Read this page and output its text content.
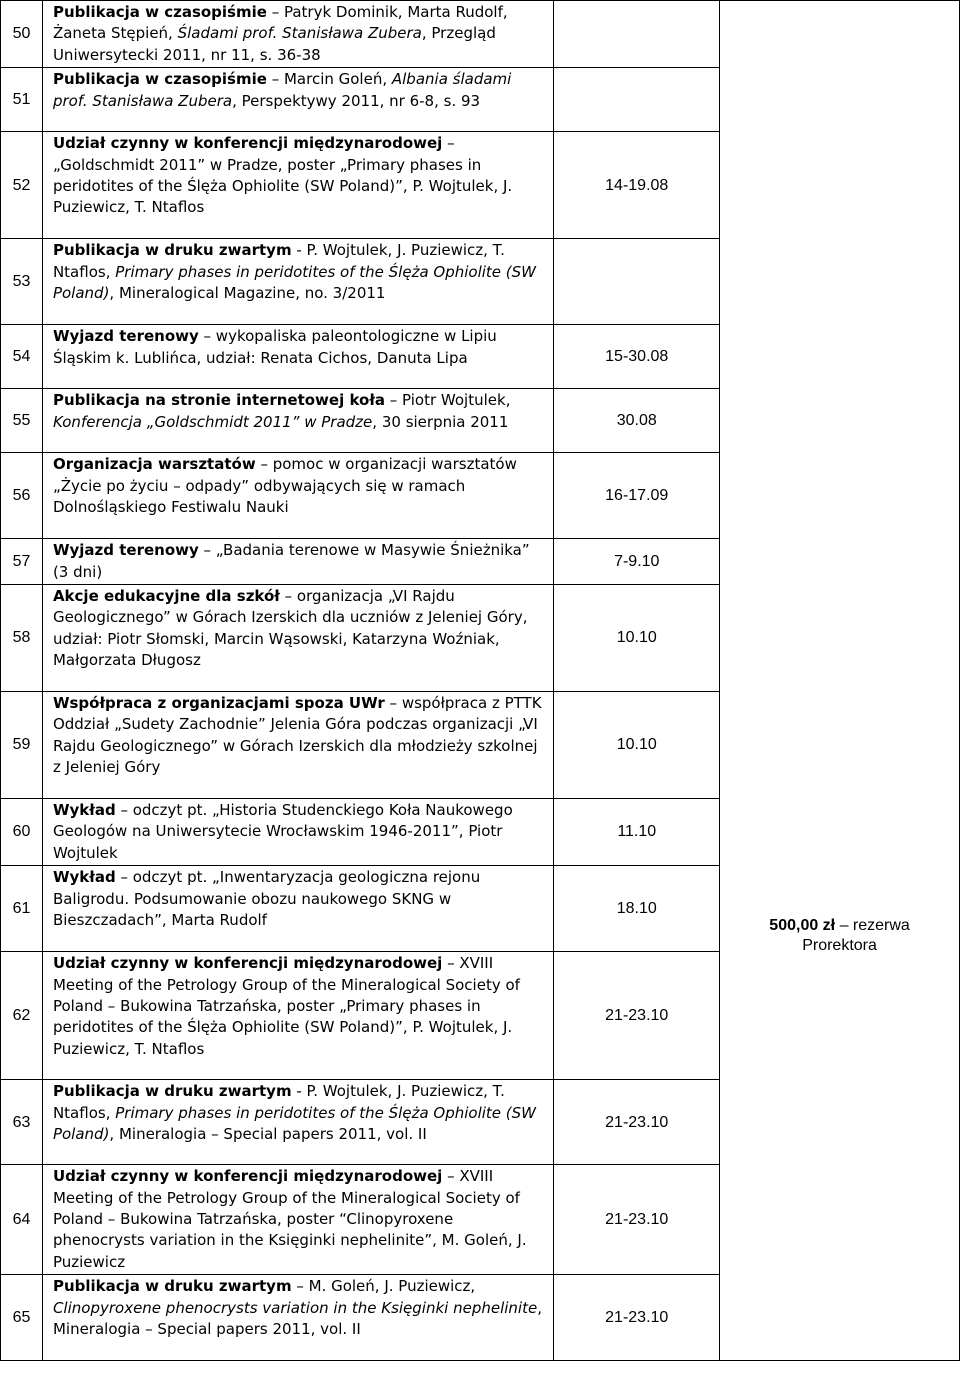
50	Publikacja w czasopiśmie – Patryk Dominik, Marta Rudolf, Żaneta Stępień, Śladami prof. Stanisława Zubera, Przegląd Uniwersytecki 2011, nr 11, s. 36-38		500,00 zł – rezerwa Prorektora

51	Publikacja w czasopiśmie – Marcin Goleń, Albania śladami prof. Stanisława Zubera, Perspektywy 2011, nr 6-8, s. 93		
52	Udział czynny w konferencji międzynarodowej – „Goldschmidt 2011” w Pradze, poster „Primary phases in peridotites of the Ślęża Ophiolite (SW Poland)”, P. Wojtulek, J. Puziewicz, T. Ntaflos	14-19.08	
53	Publikacja w druku zwartym - P. Wojtulek, J. Puziewicz, T. Ntaflos, Primary phases in peridotites of the Ślęża Ophiolite (SW Poland), Mineralogical Magazine, no. 3/2011		
54	Wyjazd terenowy – wykopaliska paleontologiczne w Lipiu Śląskim k. Lublińca, udział: Renata Cichos, Danuta Lipa	15-30.08	
55	Publikacja na stronie internetowej koła – Piotr Wojtulek, Konferencja „Goldschmidt 2011” w Pradze, 30 sierpnia 2011	30.08	
56	Organizacja warsztatów – pomoc w organizacji warsztatów „Życie po życiu – odpady” odbywających się w ramach Dolnośląskiego Festiwalu Nauki	16-17.09	
57	Wyjazd terenowy – „Badania terenowe w Masywie Śnieżnika” (3 dni)	7-9.10	
58	Akcje edukacyjne dla szkół – organizacja „VI Rajdu Geologicznego” w Górach Izerskich dla uczniów z Jeleniej Góry, udział: Piotr Słomski, Marcin Wąsowski, Katarzyna Woźniak, Małgorzata Długosz	10.10	
59	Współpraca z organizacjami spoza UWr – współpraca z PTTK Oddział „Sudety Zachodnie” Jelenia Góra podczas organizacji „VI Rajdu Geologicznego” w Górach Izerskich dla młodzieży szkolnej z Jeleniej Góry	10.10	
60	Wykład – odczyt pt. „Historia Studenckiego Koła Naukowego Geologów na Uniwersytecie Wrocławskim 1946-2011”, Piotr Wojtulek	11.10	
61	Wykład – odczyt pt. „Inwentaryzacja geologiczna rejonu Baligrodu. Podsumowanie obozu naukowego SKNG w Bieszczadach”, Marta Rudolf	18.10	
62	Udział czynny w konferencji międzynarodowej – XVIII Meeting of the Petrology Group of the Mineralogical Society of Poland – Bukowina Tatrzańska, poster „Primary phases in peridotites of the Ślęża Ophiolite (SW Poland)”, P. Wojtulek, J. Puziewicz, T. Ntaflos	21-23.10	
63	Publikacja w druku zwartym - P. Wojtulek, J. Puziewicz, T. Ntaflos, Primary phases in peridotites of the Ślęża Ophiolite (SW Poland), Mineralogia – Special papers 2011, vol. II	21-23.10	
64	Udział czynny w konferencji międzynarodowej – XVIII Meeting of the Petrology Group of the Mineralogical Society of Poland – Bukowina Tatrzańska, poster “Clinopyroxene phenocrysts variation in the Księginki nephelinite”, M. Goleń, J. Puziewicz	21-23.10	
65	Publikacja w druku zwartym – M. Goleń, J. Puziewicz, Clinopyroxene phenocrysts variation in the Księginki nephelinite, Mineralogia – Special papers 2011, vol. II	21-23.10	
